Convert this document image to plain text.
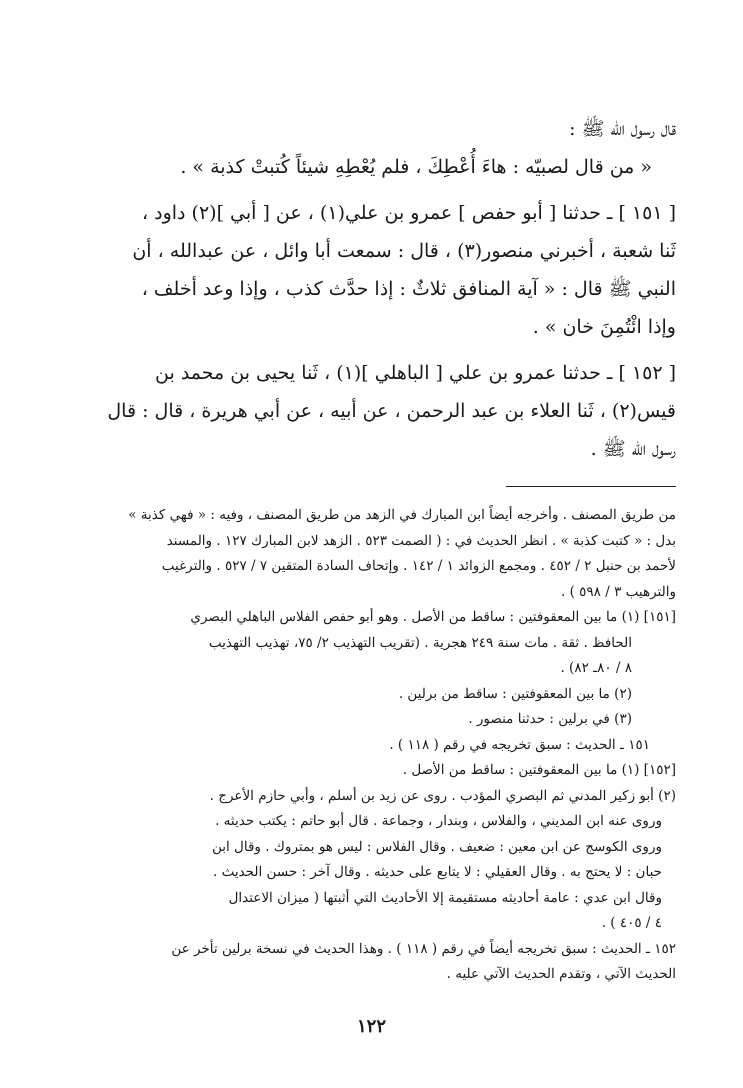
قال رسول الله ﷺ :

« من قال لصبيّه : هاءَ أُعْطِكَ ، فلم يُعْطِهِ شيئاً كُتبتْ كذبة » .

[ ١٥١ ] ـ حدثنا [ أبو حفص ] عمرو بن علي(١) ، عن [ أبي ](٢) داود ،

ثَنا شعبة ، أخبرني منصور(٣) ، قال : سمعت أبا وائل ، عن عبدالله ، أن

النبي ﷺ قال : « آية المنافق ثلاثٌ : إذا حدَّث كذب ، وإذا وعد أخلف ،

وإذا ائْتُمِنَ خان » .

[ ١٥٢ ] ـ حدثنا عمرو بن علي [ الباهلي ](١) ، ثَنا يحيى بن محمد بن

قيس(٢) ، ثَنا العلاء بن عبد الرحمن ، عن أبيه ، عن أبي هريرة ، قال : قال

رسول الله ﷺ .

من طريق المصنف . وأخرجه أيضاً ابن المبارك في الزهد من طريق المصنف ، وفيه : « فهي كذبة »

بدل : « كتبت كذبة » . انظر الحديث في : ( الصمت ٥٢٣ . الزهد لابن المبارك ١٢٧ . والمسند

لأحمد بن حنبل ٢ / ٤٥٢ . ومجمع الزوائد ١ / ١٤٢ . وإتحاف السادة المتقين ٧ / ٥٢٧ . والترغيب

والترهيب ٣ / ٥٩٨ ) .

[١٥١] (١) ما بين المعقوفتين : ساقط من الأصل . وهو أبو حفص الفلاس الباهلي البصري

الحافظ . ثقة . مات سنة ٢٤٩ هجرية . (تقريب التهذيب ٢/ ٧٥، تهذيب التهذيب

٨ / ٨٠ـ ٨٢) .

(٢) ما بين المعقوفتين : ساقط من برلين .

(٣) في برلين : حدثنا منصور .

١٥١ ـ الحديث : سبق تخريجه في رقم ( ١١٨ ) .

[١٥٢] (١) ما بين المعقوفتين : ساقط من الأصل .

(٢) أبو زكير المدني ثم البصري المؤدب . روى عن زيد بن أسلم ، وأبي حازم الأعرج .

وروى عنه ابن المديني ، والفلاس ، وبندار ، وجماعة . قال أبو حاتم : يكتب حديثه .

وروى الكوسج عن ابن معين : ضعيف . وقال الفلاس : ليس هو بمتروك . وقال ابن

حبان : لا يحتج به . وقال العقيلي : لا يتابع على حديثه . وقال آخر : حسن الحديث .

وقال ابن عدي : عامة أحاديثه مستقيمة إلا الأحاديث التي أثبتها ( ميزان الاعتدال

٤ / ٤٠٥ ) .

١٥٢ ـ الحديث : سبق تخريجه أيضاً في رقم ( ١١٨ ) . وهذا الحديث في نسخة برلين تأخر عن

الحديث الآتي ، وتقدم الحديث الآتي عليه .

١٢٢
